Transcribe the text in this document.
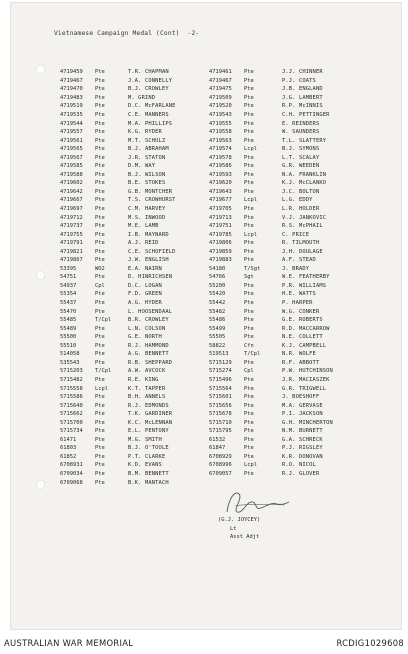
Vietnamese Campaign Medal (Cont) -2-
4719459	Pte	T.R. CHAPMAN
4719467	Pte	J.A. CONNELLY
4719470	Pte	B.J. CROWLEY
4719483	Pte	M. GRIND
4719519	Pte	D.C. McFARLANE
4719535	Pte	C.E. MANNERS
4719544	Pte	M.A. PHILLIPS
4719557	Pte	K.G. RYDER
4719561	Pte	M.T. SCHULZ
4719565	Pte	B.J. ABRAHAM
4719567	Pte	J.R. STATON
4719585	Pte	D.M. WAY
4719588	Pte	B.J. WILSON
4719602	Pte	B.E. STOKES
4719642	Pte	G.B. MONTCHER
4719667	Pte	T.S. CROWHURST
4719697	Pte	C.M. HARVEY
4719712	Pte	M.S. INWOOD
4719737	Pte	M.E. LAMB
4719755	Pte	I.B. MAYNARD
4719791	Pte	A.J. REID
4719821	Pte	C.E. SCHOFIELD
4719867	Pte	J.W. ENGLISH
53395	WO2	E.A. NAIRN
54751	Pte	D. HINRICHSEN
54937	Cpl	D.C. LOGAN
55354	Pte	F.D. GREEN
55437	Pte	A.G. HYDER
55470	Pte	L. HOOSENDAAL
55485	T/Cpl	B.R. CROWLEY
55489	Pte	L.N. COLSON
55500	Pte	G.E. NORTH
55510	Pte	R.J. HAMMOND
514058	Pte	A.G. BENNETT
535543	Pte	R.B. SHEPPARD
5715203	T/Cpl	A.W. AVCOCK
5715482	Pte	R.E. KING
5715558	Lcpl	K.T. TAPPER
5715586	Pte	B.H. ANNELS
5715640	Pte	R.J. EDMONDS
5715662	Pte	T.K. GARDINER
5715700	Pte	K.C. McLENNAN
5715734	Pte	E.L. PENTONY
61471	Pte	M.G. SMITH
61803	Pte	B.J. O'TOOLE
61852	Pte	P.T. CLARKE
6708931	Pte	K.D. EVANS
6709034	Pte	B.M. BENNETT
6709068	Pte	B.K. MANTACH
4719461	Pte	J.J. CHINNER
4719467	Pte	P.J. COATS
4719475	Pte	J.B. ENGLAND
4719509	Pte	J.G. LAMBERT
4719520	Pte	R.P. McINNIS
4719543	Pte	C.H. PETTINGER
4719555	Pte	E. REINDERS
4719558	Pte	W. SAUNDERS
4719563	Pte	T.L. SLATTERY
4719574	Lcpl	B.J. SYMONS
4719578	Pte	L.T. SCALAY
4719586	Pte	G.R. WEEDEN
4719593	Pte	N.A. FRANKLIN
4719620	Pte	K.J. McCLANKO
4719643	Pte	J.C. BOLTON
4719677	Lcpl	L.G. EDDY
4719705	Pte	L.R. HOLDER
4719713	Pte	V.J. JANKOVIC
4719751	Pte	R.S. McPHAIL
4719785	Lcpl	C. PRICE
4719806	Pte	R. TILMOUTH
4719859	Pte	J.H. DOULAGE
4719883	Pte	A.F. STEAD
54180	T/Sgt	J. BRADY
54766	Sgt	W.E. FEATHERBY
55200	Pte	P.R. WILLIAMS
55420	Pte	H.E. WATTS
55442	Pte	P. HARPER
55482	Pte	W.G. CONKER
55486	Pte	G.E. ROBERTS
55499	Pte	R.D. MACCARROW
55505	Pte	N.E. COLLETT
58822	Cfn	K.J. CAMPBELL
519513	T/Cpl	N.R. WOLFE
5715129	Pte	R.F. ABBOTT
5715274	Cpl	P.W. HUTCHINSON
5715496	Pte	J.R. MACIASZEK
5715564	Pte	G.R. TRIGWELL
5715601	Pte	J. BOESHOFF
5715656	Pte	M.A. GERVASE
5715678	Pte	P.I. JACKSON
5715710	Pte	G.H. MINCHERTON
5715795	Pte	N.M. BURNETT
61532	Pte	G.A. SCHRECK
61847	Pte	P.J. RIGSLEY
6708929	Pte	K.R. DONOVAN
6708996	Lcpl	R.O. NICOL
6709057	Pte	R.J. GLOVER
(G.J. JOYCEY)
Lt
Asst Adjt
AUSTRALIAN WAR MEMORIAL	RCDIG1029608
